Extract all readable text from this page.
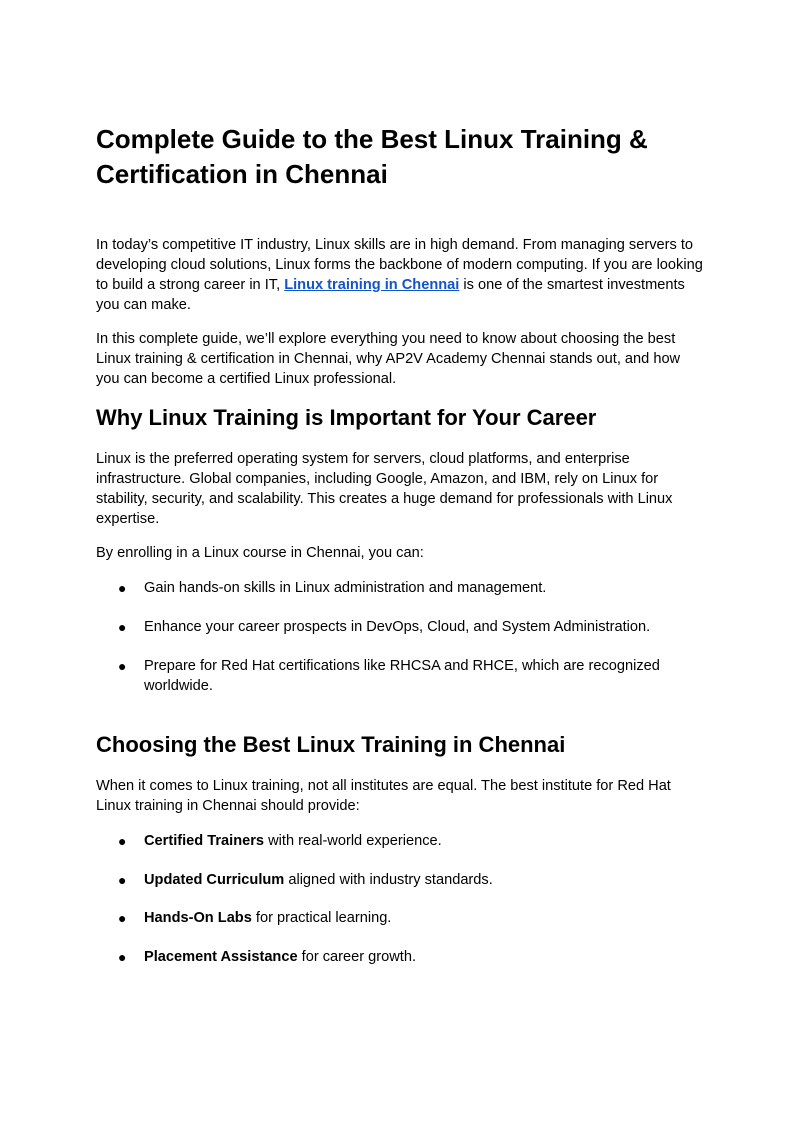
Complete Guide to the Best Linux Training & Certification in Chennai

In today’s competitive IT industry, Linux skills are in high demand. From managing servers to developing cloud solutions, Linux forms the backbone of modern computing. If you are looking to build a strong career in IT, Linux training in Chennai is one of the smartest investments you can make.

In this complete guide, we’ll explore everything you need to know about choosing the best Linux training & certification in Chennai, why AP2V Academy Chennai stands out, and how you can become a certified Linux professional.

Why Linux Training is Important for Your Career

Linux is the preferred operating system for servers, cloud platforms, and enterprise infrastructure. Global companies, including Google, Amazon, and IBM, rely on Linux for stability, security, and scalability. This creates a huge demand for professionals with Linux expertise.

By enrolling in a Linux course in Chennai, you can:

● Gain hands-on skills in Linux administration and management.
● Enhance your career prospects in DevOps, Cloud, and System Administration.
● Prepare for Red Hat certifications like RHCSA and RHCE, which are recognized worldwide.
Choosing the Best Linux Training in Chennai

When it comes to Linux training, not all institutes are equal. The best institute for Red Hat Linux training in Chennai should provide:

● Certified Trainers with real-world experience.
● Updated Curriculum aligned with industry standards.
● Hands-On Labs for practical learning.
● Placement Assistance for career growth.
